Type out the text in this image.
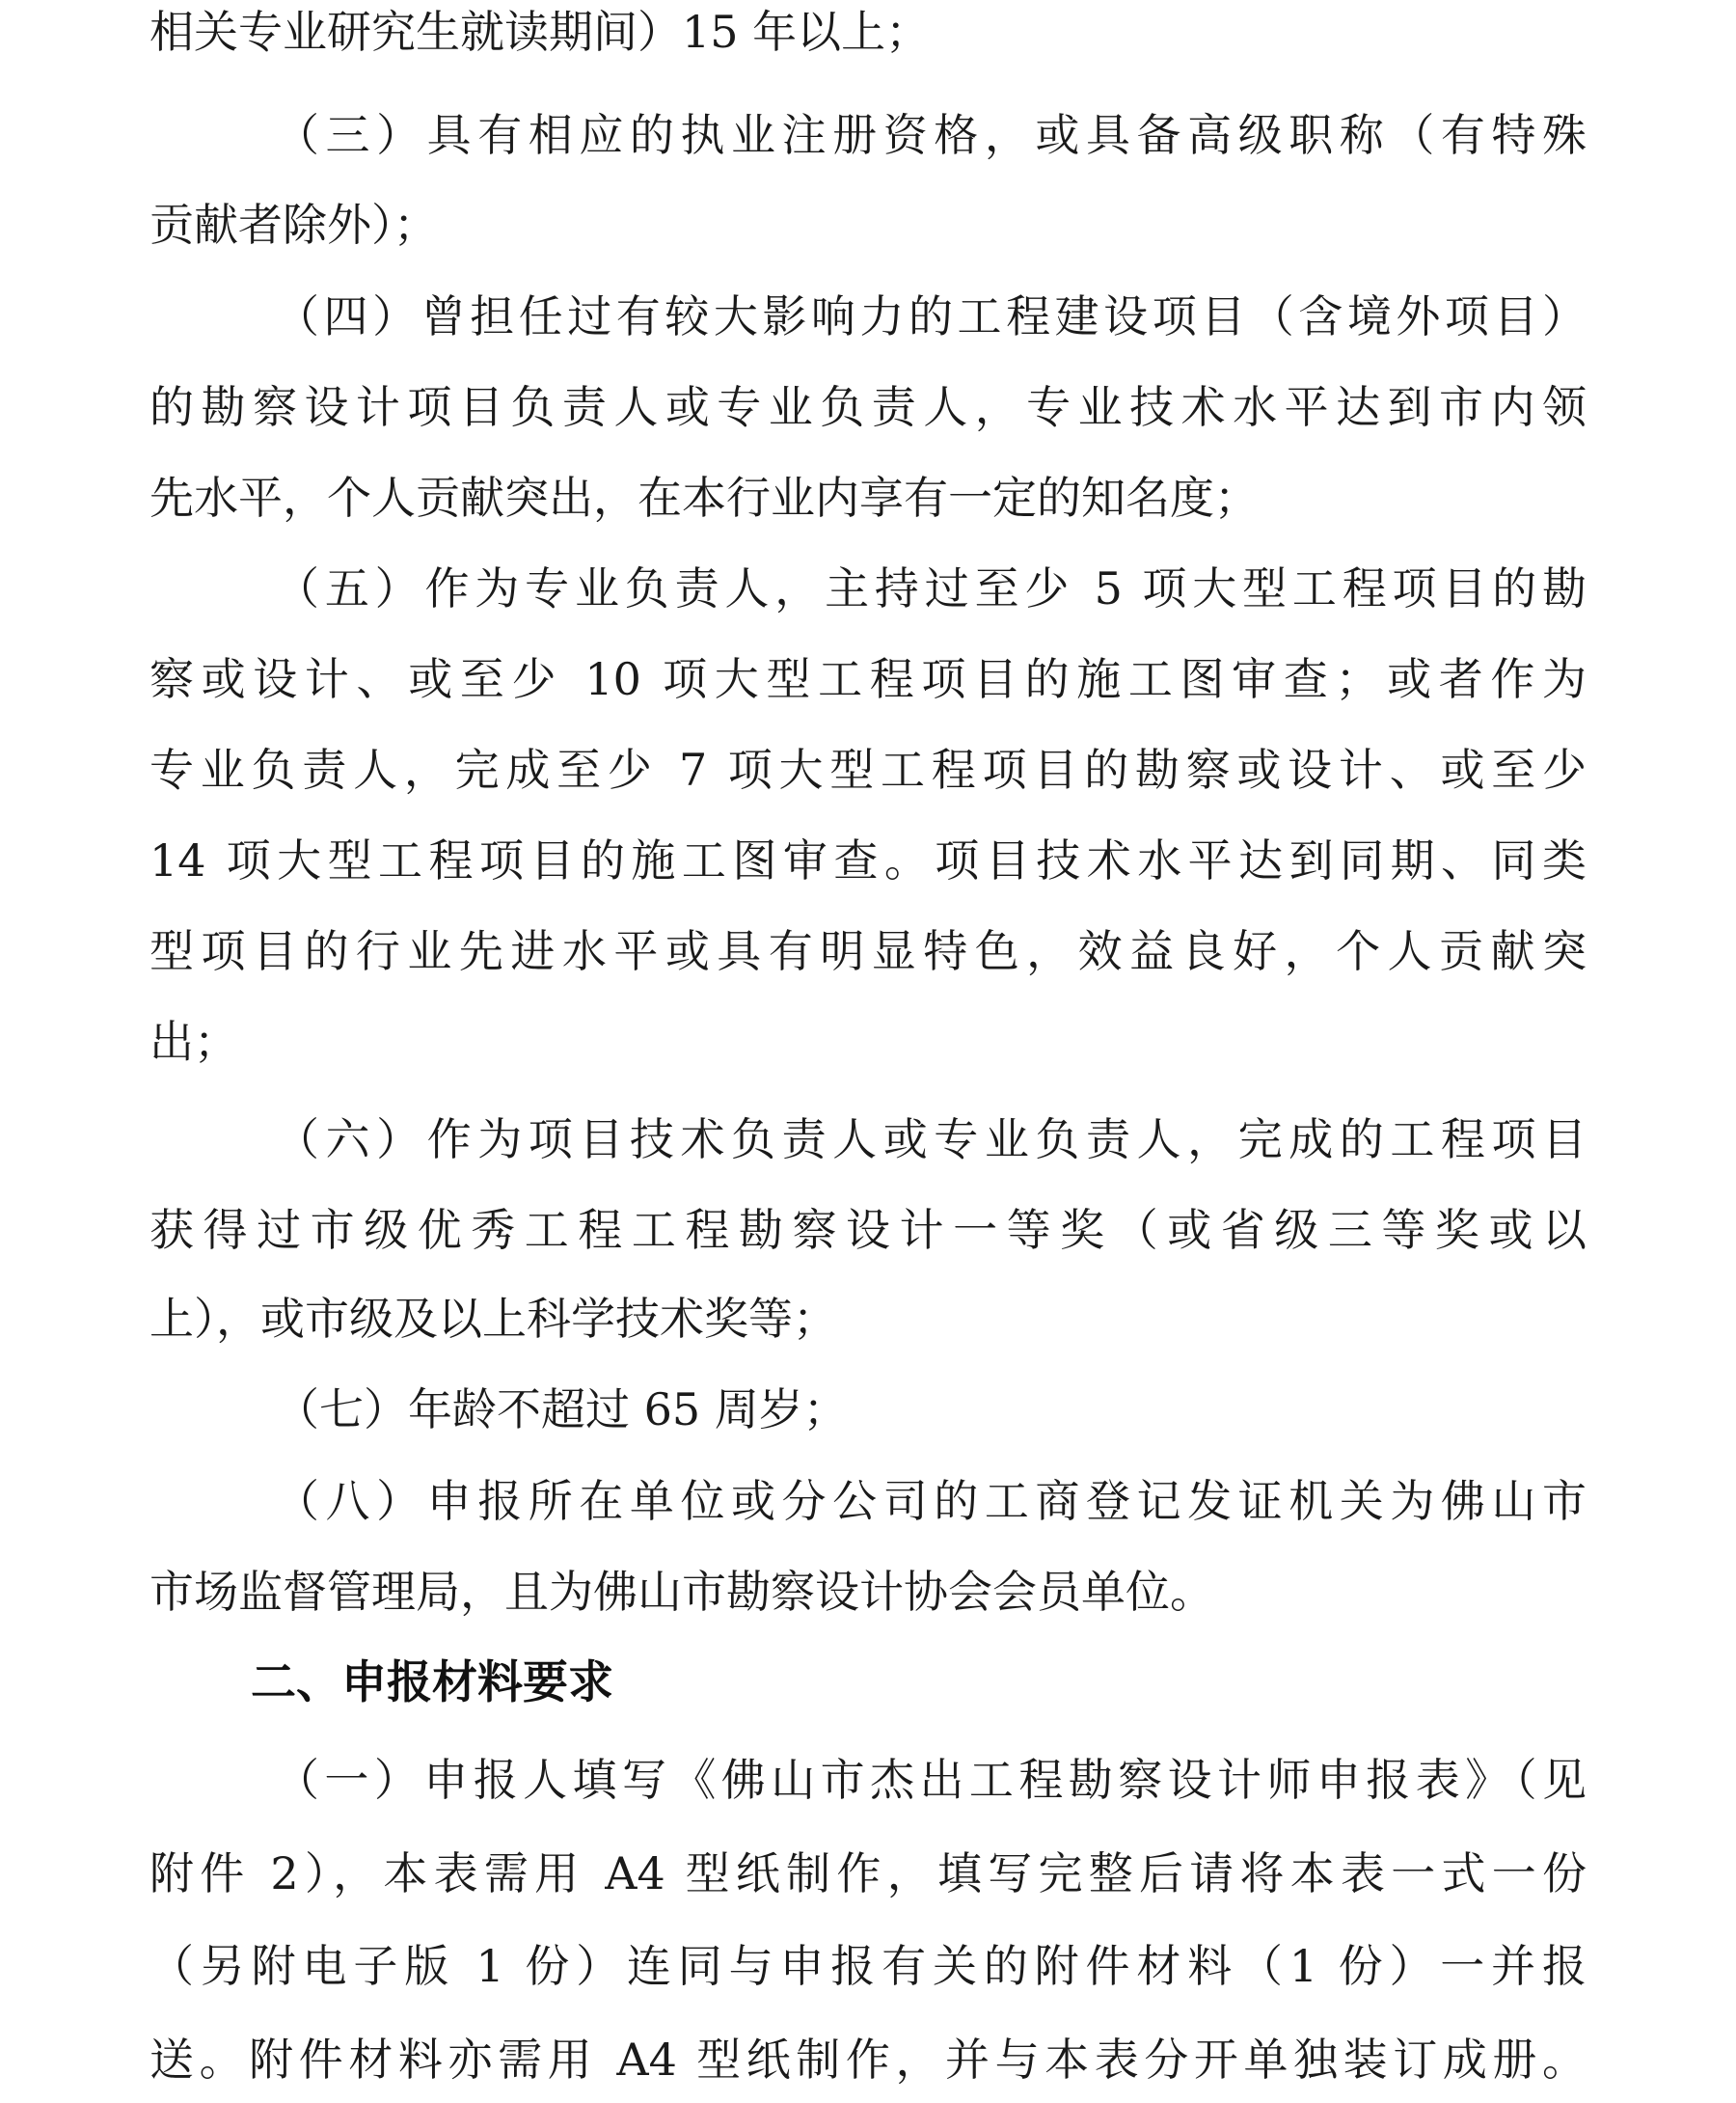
相关专业研究生就读期间）15 年以上；
（三）具有相应的执业注册资格，或具备高级职称（有特殊
贡献者除外）；
（四）曾担任过有较大影响力的工程建设项目（含境外项目）
的勘察设计项目负责人或专业负责人，专业技术水平达到市内领
先水平，个人贡献突出，在本行业内享有一定的知名度；
（五）作为专业负责人，主持过至少 5 项大型工程项目的勘
察或设计、或至少 10 项大型工程项目的施工图审查；或者作为
专业负责人，完成至少 7 项大型工程项目的勘察或设计、或至少
14 项大型工程项目的施工图审查。项目技术水平达到同期、同类
型项目的行业先进水平或具有明显特色，效益良好，个人贡献突
出；
（六）作为项目技术负责人或专业负责人，完成的工程项目
获得过市级优秀工程工程勘察设计一等奖（或省级三等奖或以
上），或市级及以上科学技术奖等；
（七）年龄不超过 65 周岁；
（八）申报所在单位或分公司的工商登记发证机关为佛山市
市场监督管理局，且为佛山市勘察设计协会会员单位。
二、申报材料要求
（一）申报人填写《佛山市杰出工程勘察设计师申报表》（见
附件 2），本表需用 A4 型纸制作，填写完整后请将本表一式一份
（另附电子版 1 份）连同与申报有关的附件材料（1 份）一并报
送。附件材料亦需用 A4 型纸制作，并与本表分开单独装订成册。
